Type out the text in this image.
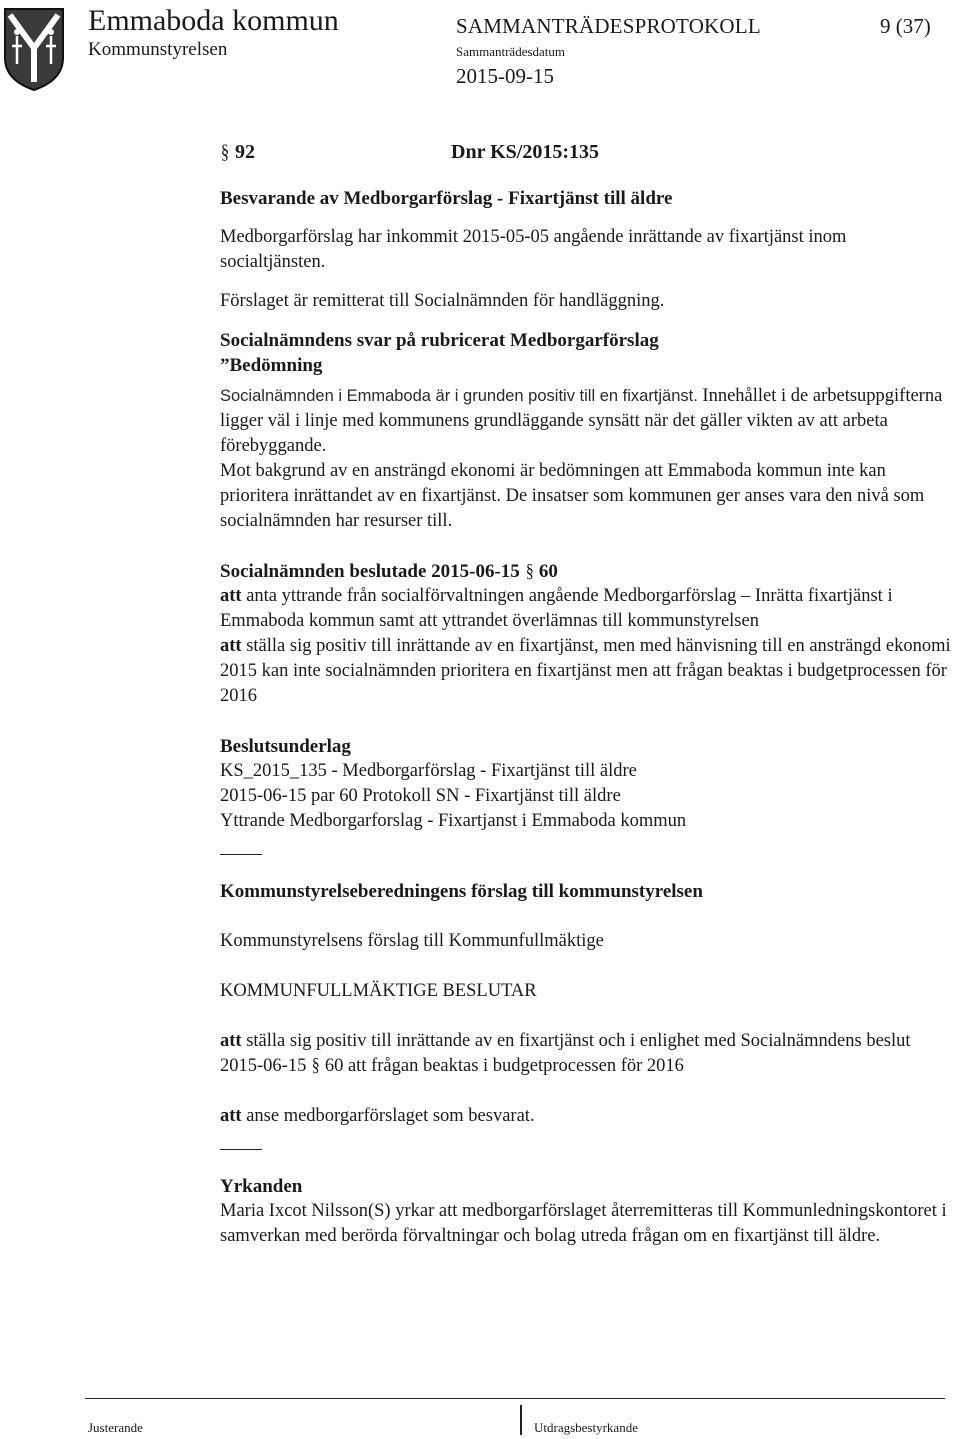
Emmaboda kommun
Kommunstyrelsen
SAMMANTRÄDESPROTOKOLL	9 (37)
Sammanträdesdatum
2015-09-15

§ 92	Dnr KS/2015:135

Besvarande av Medborgarförslag - Fixartjänst till äldre

Medborgarförslag har inkommit 2015-05-05 angående inrättande av fixartjänst inom socialtjänsten.

Förslaget är remitterat till Socialnämnden för handläggning.

Socialnämndens svar på rubricerat Medborgarförslag

”Bedömning

Socialnämnden i Emmaboda är i grunden positiv till en fixartjänst. Innehållet i de arbetsuppgifterna ligger väl i linje med kommunens grundläggande synsätt när det gäller vikten av att arbeta förebyggande.

Mot bakgrund av en ansträngd ekonomi är bedömningen att Emmaboda kommun inte kan prioritera inrättandet av en fixartjänst. De insatser som kommunen ger anses vara den nivå som socialnämnden har resurser till.

Socialnämnden beslutade 2015-06-15 § 60

att anta yttrande från socialförvaltningen angående Medborgarförslag – Inrätta fixartjänst i Emmaboda kommun samt att yttrandet överlämnas till kommunstyrelsen

att ställa sig positiv till inrättande av en fixartjänst, men med hänvisning till en ansträngd ekonomi 2015 kan inte socialnämnden prioritera en fixartjänst men att frågan beaktas i budgetprocessen för 2016

Beslutsunderlag

KS_2015_135 - Medborgarförslag - Fixartjänst till äldre

2015-06-15 par 60 Protokoll SN - Fixartjänst till äldre

Yttrande Medborgarforslag - Fixartjanst i Emmaboda kommun

Kommunstyrelseberedningens förslag till kommunstyrelsen

Kommunstyrelsens förslag till Kommunfullmäktige

KOMMUNFULLMÄKTIGE BESLUTAR

att ställa sig positiv till inrättande av en fixartjänst och i enlighet med Socialnämndens beslut 2015-06-15 § 60 att frågan beaktas i budgetprocessen för 2016

att anse medborgarförslaget som besvarat.

Yrkanden

Maria Ixcot Nilsson(S) yrkar att medborgarförslaget återremitteras till Kommunledningskontoret i samverkan med berörda förvaltningar och bolag utreda frågan om en fixartjänst till äldre.

Justerande	Utdragsbestyrkande
